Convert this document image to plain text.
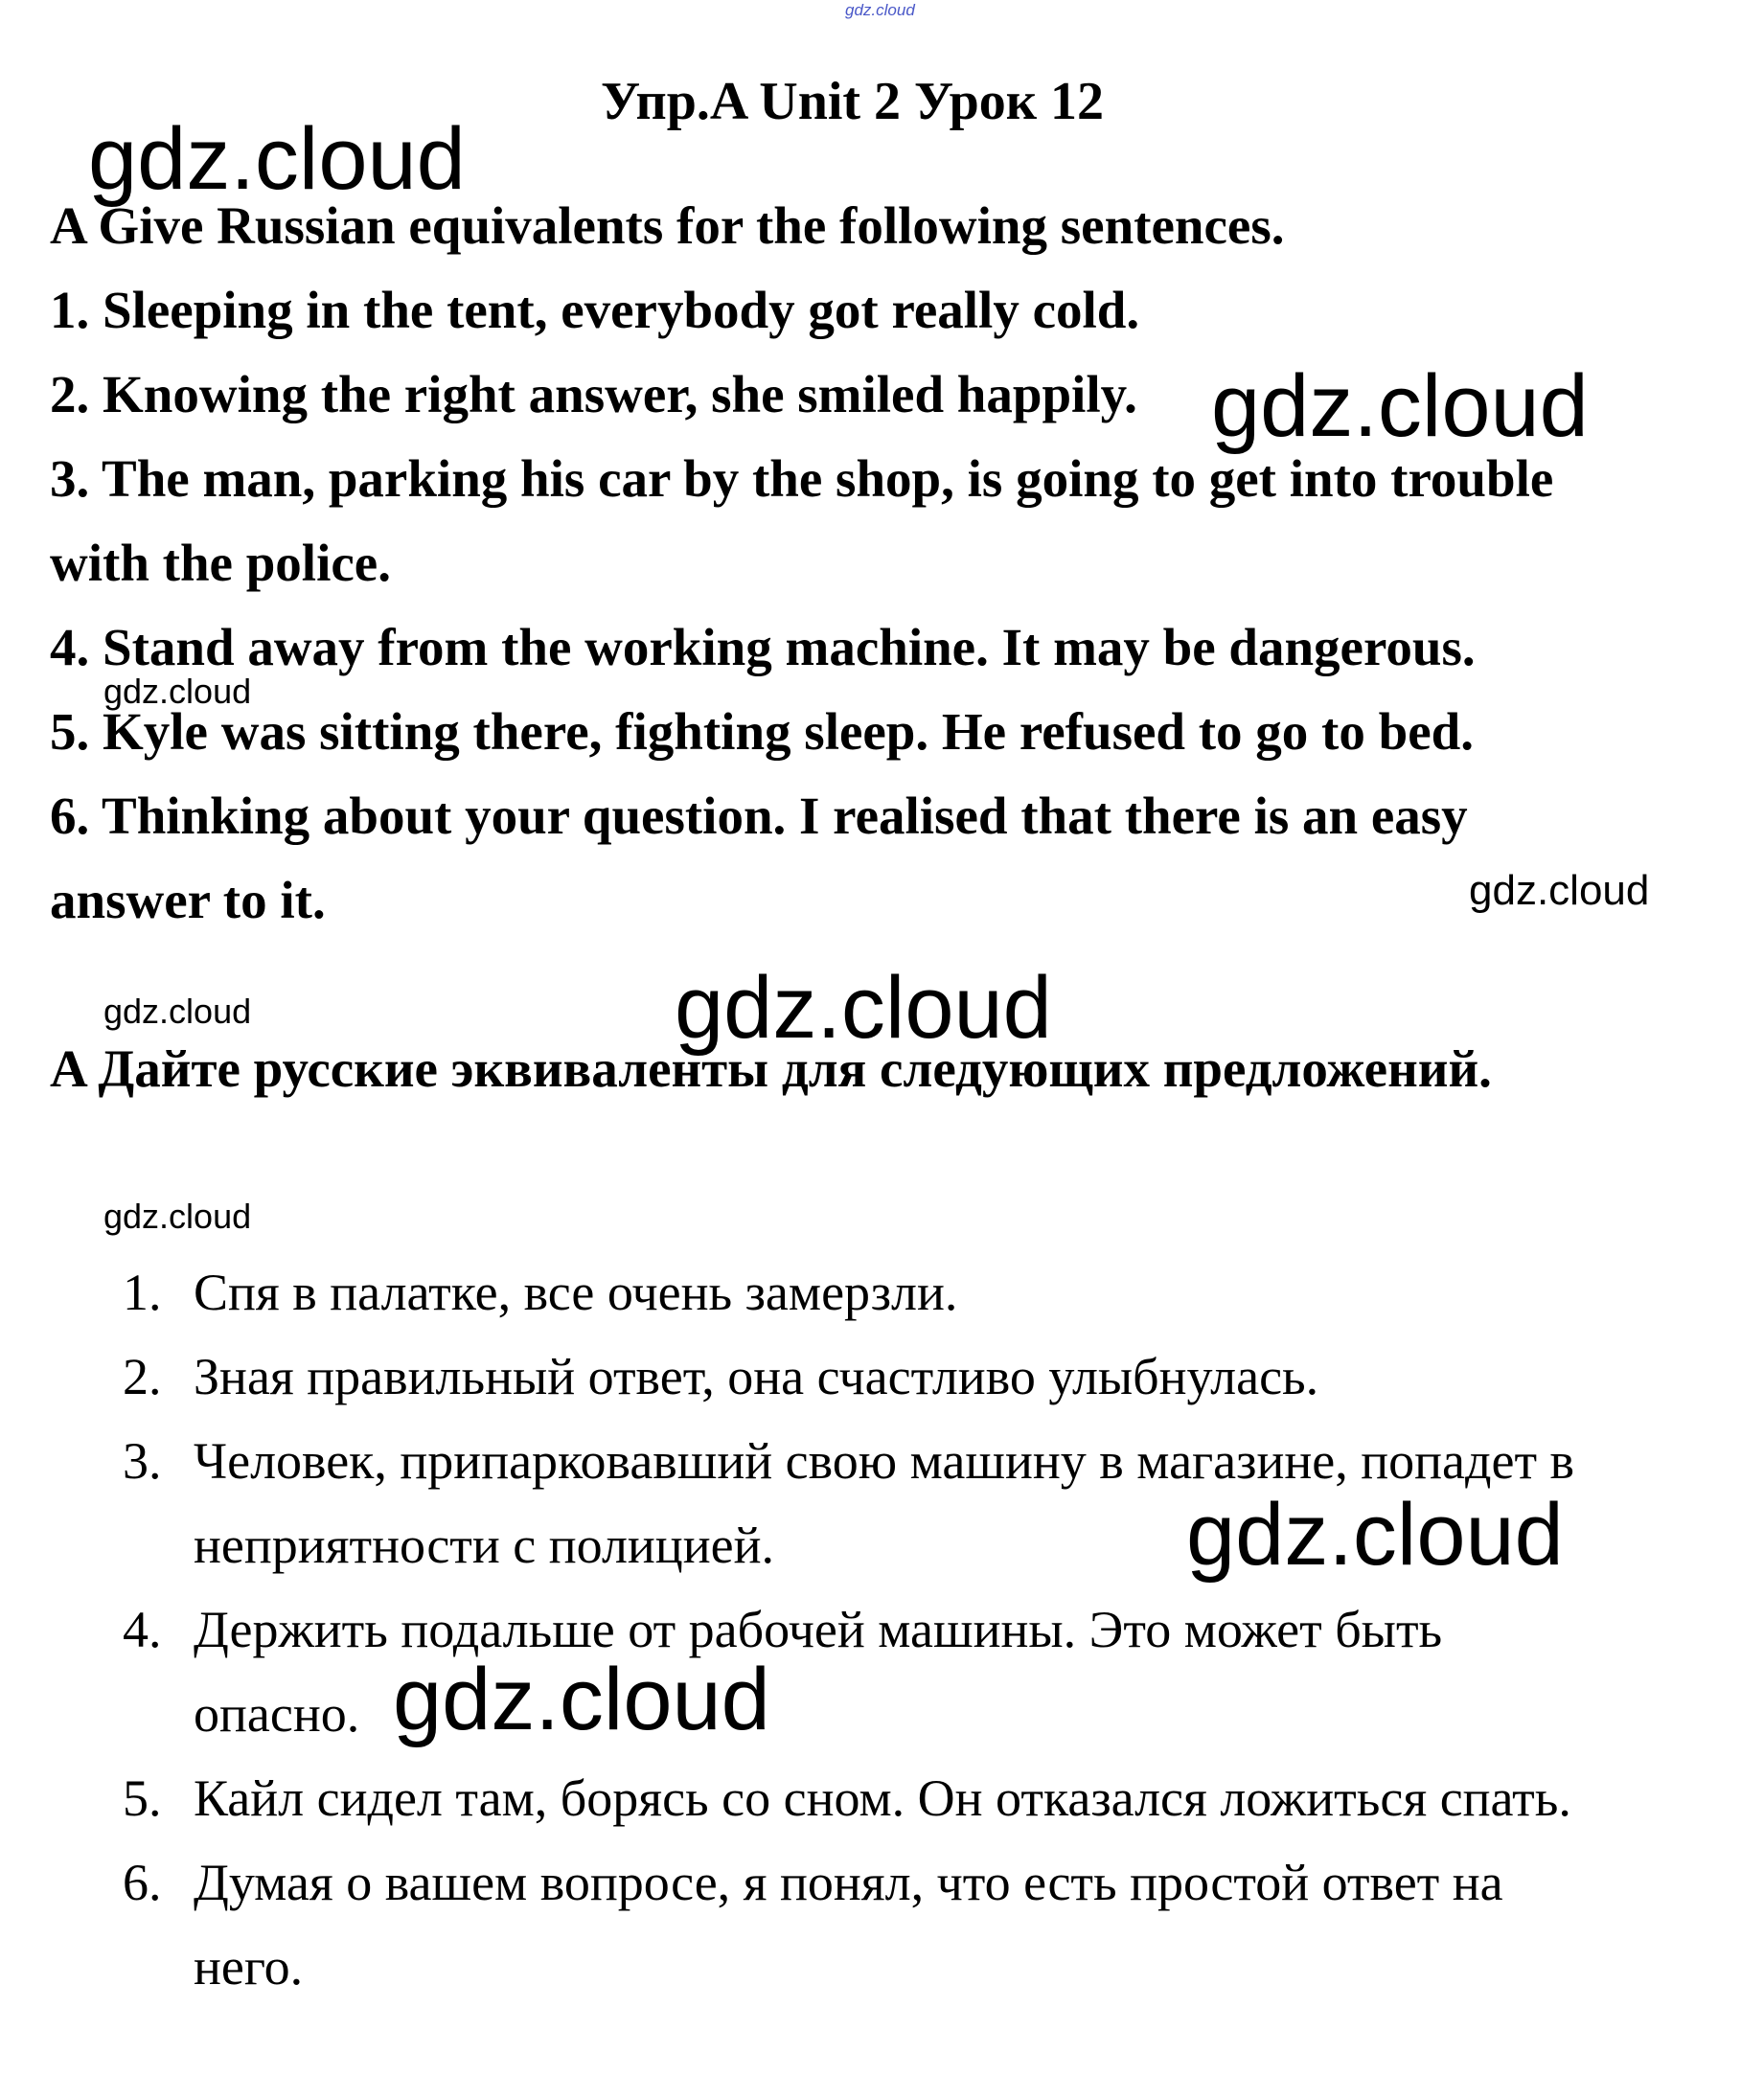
gdz.cloud
Упр.A Unit 2 Урок 12
gdz.cloud
A Give Russian equivalents for the following sentences.
1. Sleeping in the tent, everybody got really cold.
2. Knowing the right answer, she smiled happily. gdz.cloud
3. The man, parking his car by the shop, is going to get into trouble
with the police.
4. Stand away from the working machine. It may be dangerous.
gdz.cloud
5. Kyle was sitting there, fighting sleep. He refused to go to bed.
6. Thinking about your question. I realised that there is an easy
answer to it.	gdz.cloud
gdz.cloud	gdz.cloud
A Дайте русские эквиваленты для следующих предложений.
gdz.cloud
1. Спя в палатке, все очень замерзли.
2. Зная правильный ответ, она счастливо улыбнулась.
3. Человек, припарковавший свою машину в магазине, попадет в
неприятности с полицией.
4. Держить подальше от рабочей машины. Это может быть
опасно.
5. Кайл сидел там, борясь со сном. Он отказался ложиться спать.
6. Думая о вашем вопросе, я понял, что есть простой ответ на
него.
gdz.cloud
gdz.cloud
